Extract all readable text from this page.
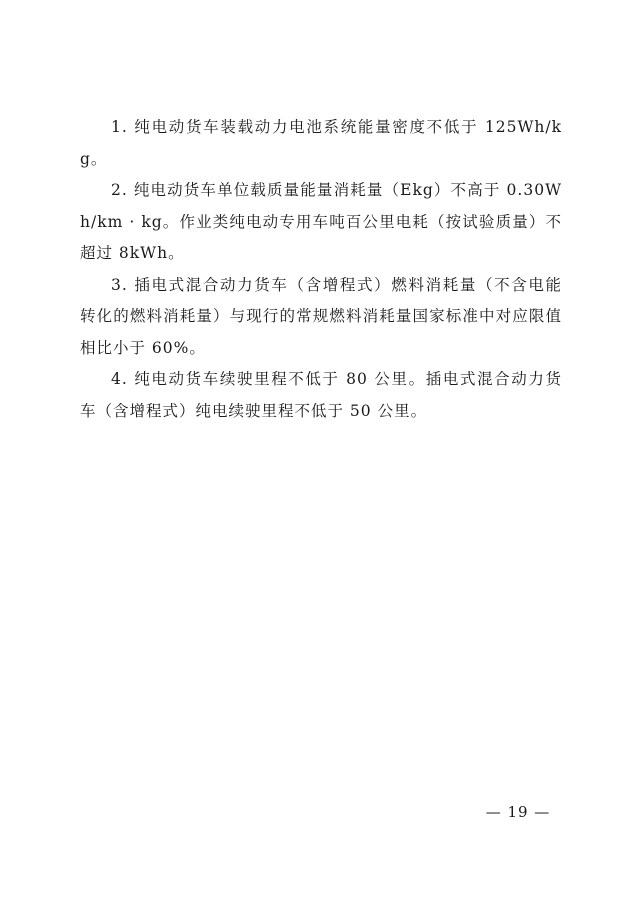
1. 纯电动货车装载动力电池系统能量密度不低于 125Wh/kg。

2. 纯电动货车单位载质量能量消耗量（Ekg）不高于 0.30Wh/km · kg。作业类纯电动专用车吨百公里电耗（按试验质量）不超过 8kWh。

3. 插电式混合动力货车（含增程式）燃料消耗量（不含电能转化的燃料消耗量）与现行的常规燃料消耗量国家标准中对应限值相比小于 60%。

4. 纯电动货车续驶里程不低于 80 公里。插电式混合动力货车（含增程式）纯电续驶里程不低于 50 公里。

— 19 —
